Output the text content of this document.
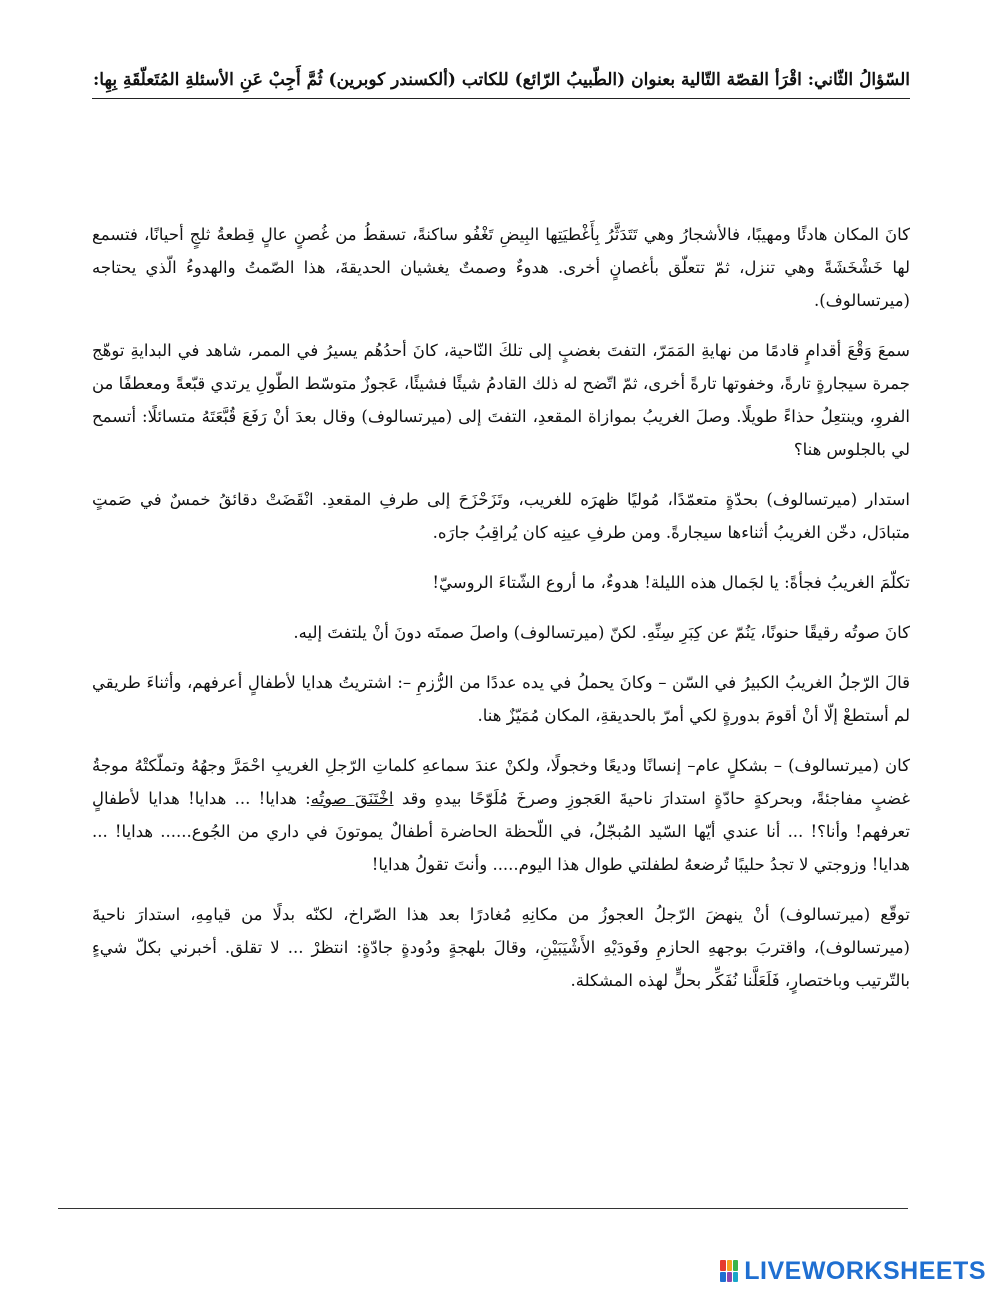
السّؤالُ الثّاني: اقْرَأ القصّة التّالية بعنوان (الطّبيبُ الرّائع) للكاتب (ألكسندر كوبرين) ثُمَّ أَجِبْ عَنِ الأسئلةِ المُتَعلّقَةِ بِهِا:

كانَ المكان هادئًا ومهيبًا، فالأشجارُ وهي تَتَدَثَّرُ بِأَغْطيَتِها البِيضِ تَغْفُو ساكنةً، تسقطُ من غُصنٍ عالٍ قِطعةُ ثلجٍ أحيانًا، فتسمع لها خَشْخَشَةً وهي تنزل، ثمّ تتعلّق بأغصانٍ أخرى. هدوءٌ وصمتٌ يغشيان الحديقةَ، هذا الصّمتُ والهدوءُ الّذي يحتاجه (ميرتسالوف).

سمعَ وَقْعَ أقدامٍ قادمًا من نهايةِ المَمَرّ، التفتَ بغضبٍ إلى تلكَ النّاحية، كانَ أحدُهُم يسيرُ في الممر، شاهد في البدايةِ توهّج جمرة سيجارةٍ تارةً، وخفوتها تارةً أخرى، ثمّ اتّضح له ذلك القادمُ شيئًا فشيئًا، عَجوزٌ متوسّط الطّولِ يرتدي قبّعةً ومعطفًا من الفروِ، وينتعِلُ حذاءً طويلًا. وصلَ الغريبُ بموازاة المقعدِ، التفتَ إلى (ميرتسالوف) وقال بعدَ أنْ رَفَعَ قُبَّعَتَهُ متسائلًا: أتسمح لي بالجلوس هنا؟

استدار (ميرتسالوف) بحدّةٍ متعمّدًا، مُوليًا ظهرَه للغريب، وتَزَحْزَحَ إلى طرفِ المقعدِ. انْقَضَتْ دقائقُ خمسٌ في صَمتٍ متبادَل، دخّن الغريبُ أثناءها سيجارةً. ومن طرفِ عينِه كان يُراقِبُ جارَه.

تكلّمَ الغريبُ فجأةً: يا لجَمال هذه الليلة! هدوءٌ، ما أروع الشّتاءَ الروسيّ!

كانَ صوتُه رقيقًا حنونًا، يَنُمّ عن كِبَرِ سِنِّهِ. لكنّ (ميرتسالوف) واصلَ صمتَه دونَ أنْ يلتفتَ إليه.

قالَ الرّجلُ الغريبُ الكبيرُ في السّن – وكانَ يحملُ في يده عددًا من الرُّزمِ –: اشتريتُ هدايا لأطفالٍ أعرفهم، وأثناءَ طريقي لم أستطعْ إلّا أنْ أقومَ بدورةٍ لكي أمرّ بالحديقةِ، المكان مُمَيّزٌ هنا.

كان (ميرتسالوف) – بشكلٍ عام– إنسانًا وديعًا وخجولًا، ولكنْ عندَ سماعهِ كلماتِ الرّجلِ الغريبِ احْمَرَّ وجهُهُ وتملّكتْهُ موجةُ غضبٍ مفاجئةً، وبحركةٍ حادّةٍ استدارَ ناحيةَ العَجوزِ وصرخَ مُلَوّحًا بيدهِ وقد اخْتَنَقَ صوتُه: هدايا! ... هدايا! هدايا لأطفالٍ تعرفهم! وأنا؟! ... أنا عندي أيّها السّيد المُبجّلُ، في اللّحظة الحاضرة أطفالٌ يموتونَ في داري من الجُوع...... هدايا! ... هدايا! وزوجتي لا تجدُ حليبًا تُرضعهُ لطفلتي طوال هذا اليوم..... وأنتَ تقولُ هدايا!

توقّع (ميرتسالوف) أنْ ينهضَ الرّجلُ العجوزُ من مكانِهِ مُغادرًا بعد هذا الصّراخ، لكنّه بدلًا من قيامِهِ، استدارَ ناحيةَ (ميرتسالوف)، واقتربَ بوجههِ الحازمِ وفَودَيْهِ الأَشْيَبَيْنِ، وقالَ بلهجةٍ ودُودةٍ جادّةٍ: انتظرْ ... لا تقلق. أخبرني بكلّ شيءٍ بالتّرتيب وباختصارٍ، فَلَعَلَّنا نُفَكِّر بحلٍّ لهذه المشكلة.

LIVEWORKSHEETS
